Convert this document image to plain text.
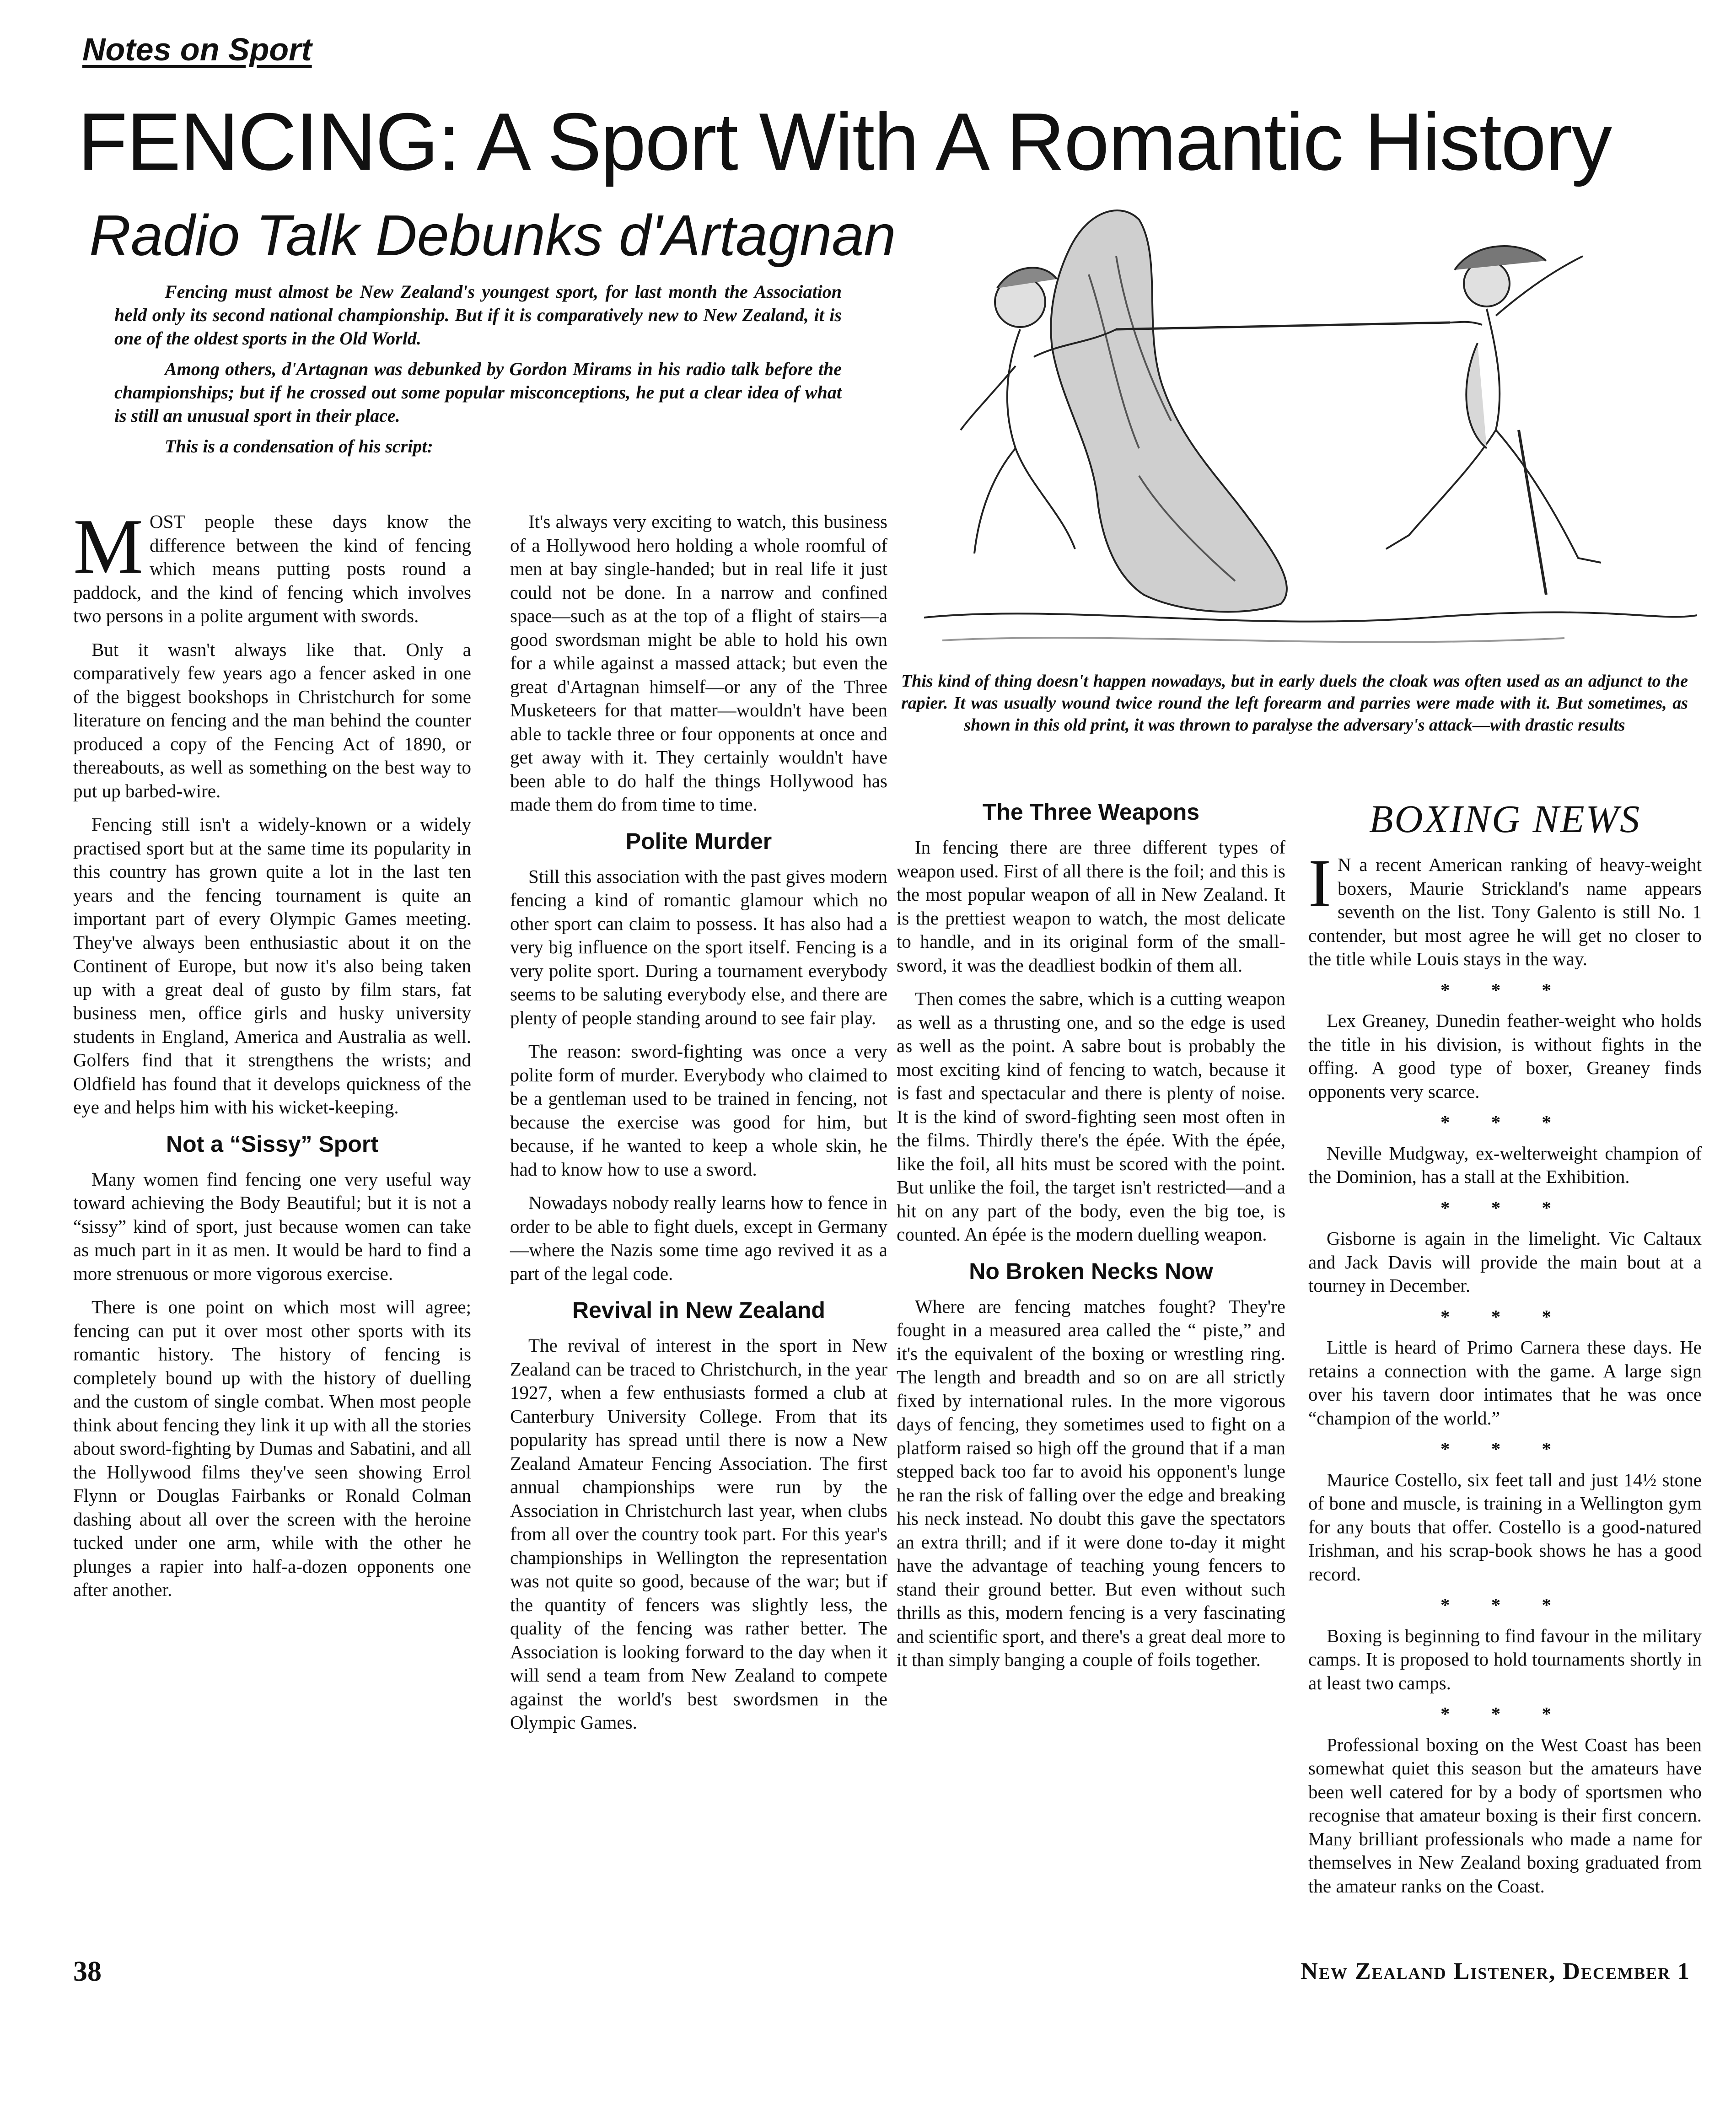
Notes on Sport
FENCING: A Sport With A Romantic History
Radio Talk Debunks d'Artagnan

Fencing must almost be New Zealand's youngest sport, for last month the Association held only its second national championship. But if it is comparatively new to New Zealand, it is one of the oldest sports in the Old World.

Among others, d'Artagnan was debunked by Gordon Mirams in his radio talk before the championships; but if he crossed out some popular misconceptions, he put a clear idea of what is still an unusual sport in their place.

This is a condensation of his script:

This kind of thing doesn't happen nowadays, but in early duels the cloak was often used as an adjunct to the rapier. It was usually wound twice round the left forearm and parries were made with it. But sometimes, as shown in this old print, it was thrown to paralyse the adversary's attack—with drastic results

MOST people these days know the difference between the kind of fencing which means putting posts round a paddock, and the kind of fencing which involves two persons in a polite argument with swords.

But it wasn't always like that. Only a comparatively few years ago a fencer asked in one of the biggest bookshops in Christchurch for some literature on fencing and the man behind the counter produced a copy of the Fencing Act of 1890, or thereabouts, as well as something on the best way to put up barbed-wire.

Fencing still isn't a widely-known or a widely practised sport but at the same time its popularity in this country has grown quite a lot in the last ten years and the fencing tournament is quite an important part of every Olympic Games meeting. They've always been enthusiastic about it on the Continent of Europe, but now it's also being taken up with a great deal of gusto by film stars, fat business men, office girls and husky university students in England, America and Australia as well. Golfers find that it strengthens the wrists; and Oldfield has found that it develops quickness of the eye and helps him with his wicket-keeping.

Not a “Sissy” Sport

Many women find fencing one very useful way toward achieving the Body Beautiful; but it is not a “sissy” kind of sport, just because women can take as much part in it as men. It would be hard to find a more strenuous or more vigorous exercise.

There is one point on which most will agree; fencing can put it over most other sports with its romantic history. The history of fencing is completely bound up with the history of duelling and the custom of single combat. When most people think about fencing they link it up with all the stories about sword-fighting by Dumas and Sabatini, and all the Hollywood films they've seen showing Errol Flynn or Douglas Fairbanks or Ronald Colman dashing about all over the screen with the heroine tucked under one arm, while with the other he plunges a rapier into half-a-dozen opponents one after another.

It's always very exciting to watch, this business of a Hollywood hero holding a whole roomful of men at bay single-handed; but in real life it just could not be done. In a narrow and confined space—such as at the top of a flight of stairs—a good swordsman might be able to hold his own for a while against a massed attack; but even the great d'Artagnan himself—or any of the Three Musketeers for that matter—wouldn't have been able to tackle three or four opponents at once and get away with it. They certainly wouldn't have been able to do half the things Hollywood has made them do from time to time.

Polite Murder

Still this association with the past gives modern fencing a kind of romantic glamour which no other sport can claim to possess. It has also had a very big influence on the sport itself. Fencing is a very polite sport. During a tournament everybody seems to be saluting everybody else, and there are plenty of people standing around to see fair play.

The reason: sword-fighting was once a very polite form of murder. Everybody who claimed to be a gentleman used to be trained in fencing, not because the exercise was good for him, but because, if he wanted to keep a whole skin, he had to know how to use a sword.

Nowadays nobody really learns how to fence in order to be able to fight duels, except in Germany—where the Nazis some time ago revived it as a part of the legal code.

Revival in New Zealand

The revival of interest in the sport in New Zealand can be traced to Christchurch, in the year 1927, when a few enthusiasts formed a club at Canterbury University College. From that its popularity has spread until there is now a New Zealand Amateur Fencing Association. The first annual championships were run by the Association in Christchurch last year, when clubs from all over the country took part. For this year's championships in Wellington the representation was not quite so good, because of the war; but if the quantity of fencers was slightly less, the quality of the fencing was rather better. The Association is looking forward to the day when it will send a team from New Zealand to compete against the world's best swordsmen in the Olympic Games.

The Three Weapons

In fencing there are three different types of weapon used. First of all there is the foil; and this is the most popular weapon of all in New Zealand. It is the prettiest weapon to watch, the most delicate to handle, and in its original form of the small-sword, it was the deadliest bodkin of them all.

Then comes the sabre, which is a cutting weapon as well as a thrusting one, and so the edge is used as well as the point. A sabre bout is probably the most exciting kind of fencing to watch, because it is fast and spectacular and there is plenty of noise. It is the kind of sword-fighting seen most often in the films. Thirdly there's the épée. With the épée, like the foil, all hits must be scored with the point. But unlike the foil, the target isn't restricted—and a hit on any part of the body, even the big toe, is counted. An épée is the modern duelling weapon.

No Broken Necks Now

Where are fencing matches fought? They're fought in a measured area called the “ piste,” and it's the equivalent of the boxing or wrestling ring. The length and breadth and so on are all strictly fixed by international rules. In the more vigorous days of fencing, they sometimes used to fight on a platform raised so high off the ground that if a man stepped back too far to avoid his opponent's lunge he ran the risk of falling over the edge and breaking his neck instead. No doubt this gave the spectators an extra thrill; and if it were done to-day it might have the advantage of teaching young fencers to stand their ground better. But even without such thrills as this, modern fencing is a very fascinating and scientific sport, and there's a great deal more to it than simply banging a couple of foils together.

BOXING NEWS

I N a recent American ranking of heavy-weight boxers, Maurie Strickland's name appears seventh on the list. Tony Galento is still No. 1 contender, but most agree he will get no closer to the title while Louis stays in the way.

* * *

Lex Greaney, Dunedin feather-weight who holds the title in his division, is without fights in the offing. A good type of boxer, Greaney finds opponents very scarce.

* * *

Neville Mudgway, ex-welterweight champion of the Dominion, has a stall at the Exhibition.

* * *

Gisborne is again in the limelight. Vic Caltaux and Jack Davis will provide the main bout at a tourney in December.

* * *

Little is heard of Primo Carnera these days. He retains a connection with the game. A large sign over his tavern door intimates that he was once “champion of the world.”

* * *

Maurice Costello, six feet tall and just 14½ stone of bone and muscle, is training in a Wellington gym for any bouts that offer. Costello is a good-natured Irishman, and his scrap-book shows he has a good record.

* * *

Boxing is beginning to find favour in the military camps. It is proposed to hold tournaments shortly in at least two camps.

* * *

Professional boxing on the West Coast has been somewhat quiet this season but the amateurs have been well catered for by a body of sportsmen who recognise that amateur boxing is their first concern. Many brilliant professionals who made a name for themselves in New Zealand boxing graduated from the amateur ranks on the Coast.

38	New Zealand Listener, December 1
